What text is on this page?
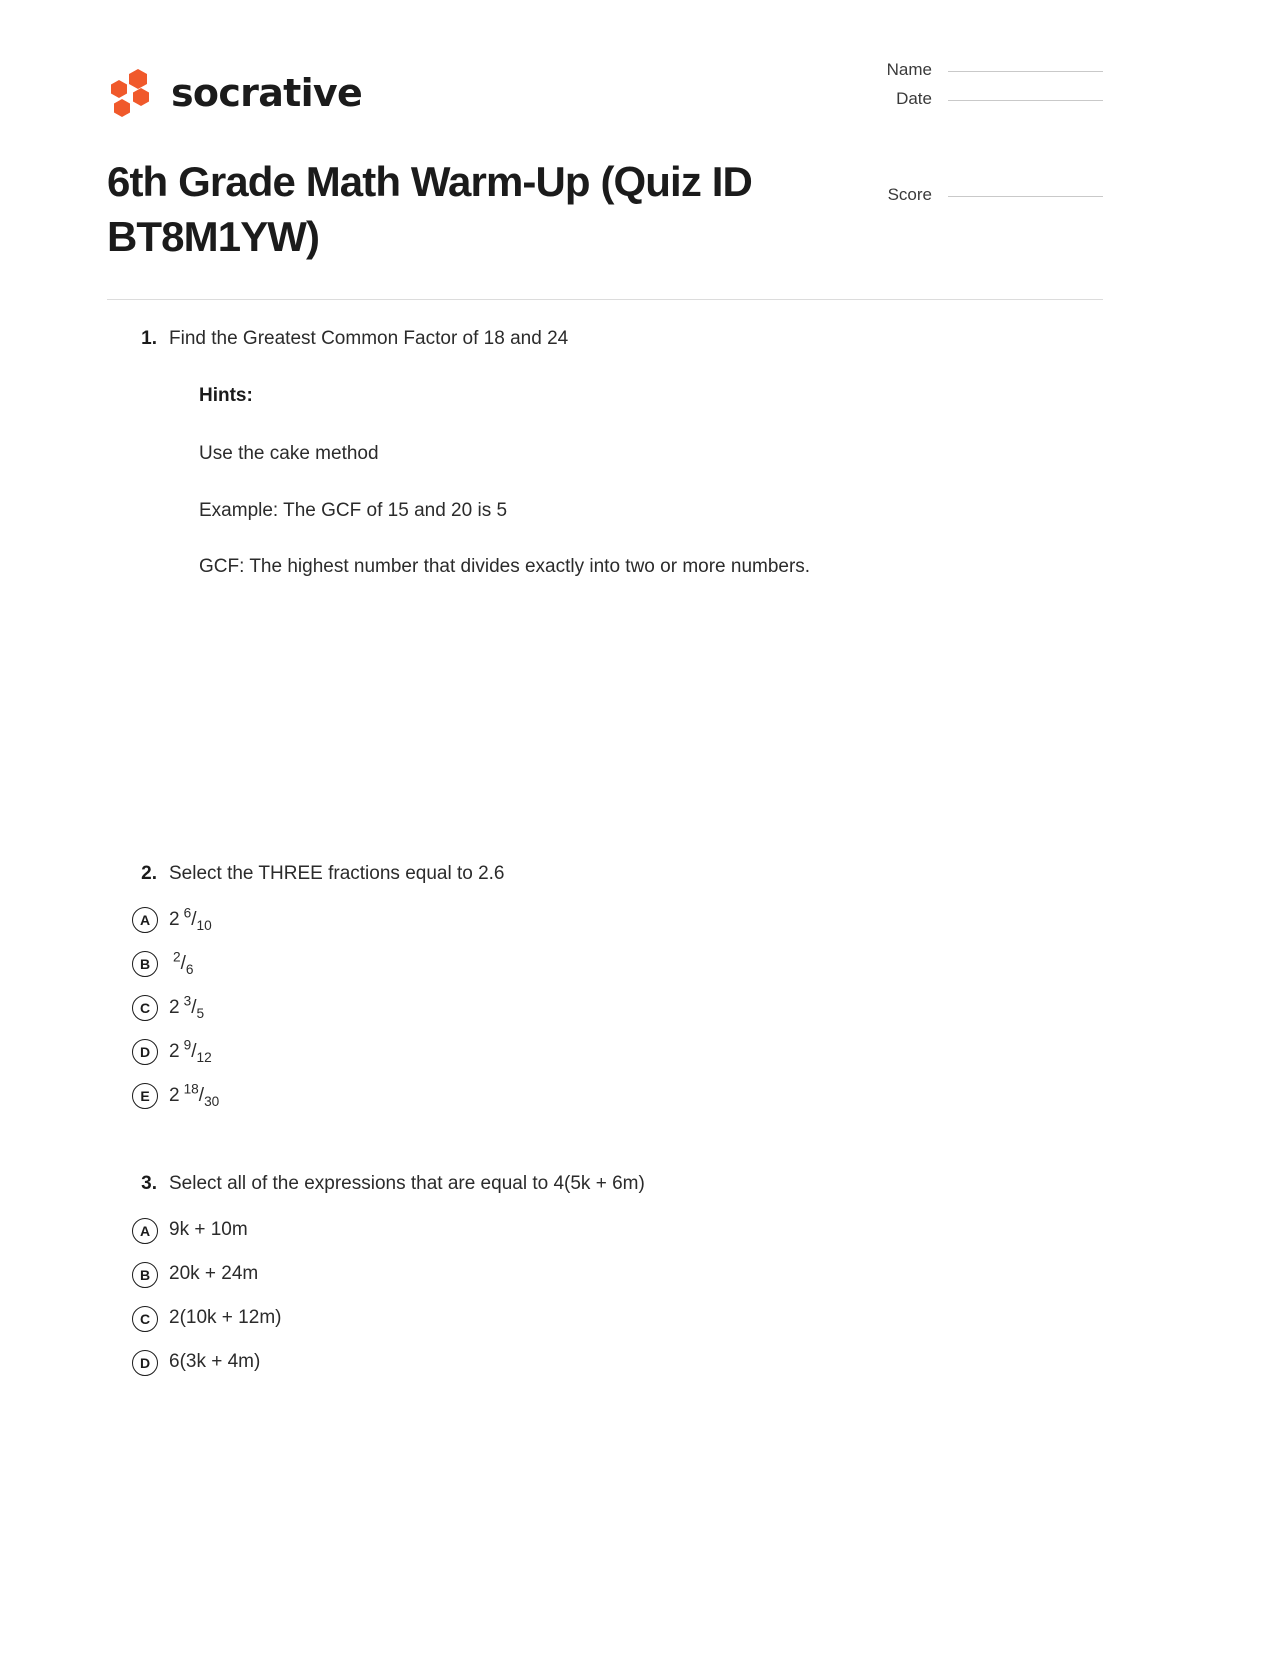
socrative
6th Grade Math Warm-Up (Quiz ID BT8M1YW)
Name
Date
Score
1. Find the Greatest Common Factor of 18 and 24

Hints:

Use the cake method

Example: The GCF of 15 and 20 is 5

GCF: The highest number that divides exactly into two or more numbers.

2. Select the THREE fractions equal to 2.6
A 2 $^6/_{10}$
B	$^2/_6$
C 2 $^3/_5$
D 2 $^9/_{12}$
E	2 $^{18}/_{30}$
3. Select all of the expressions that are equal to 4(5k + 6m)
A 9k + 10m
B 20k + 24m
C 2(10k + 12m)
D 6(3k + 4m)
